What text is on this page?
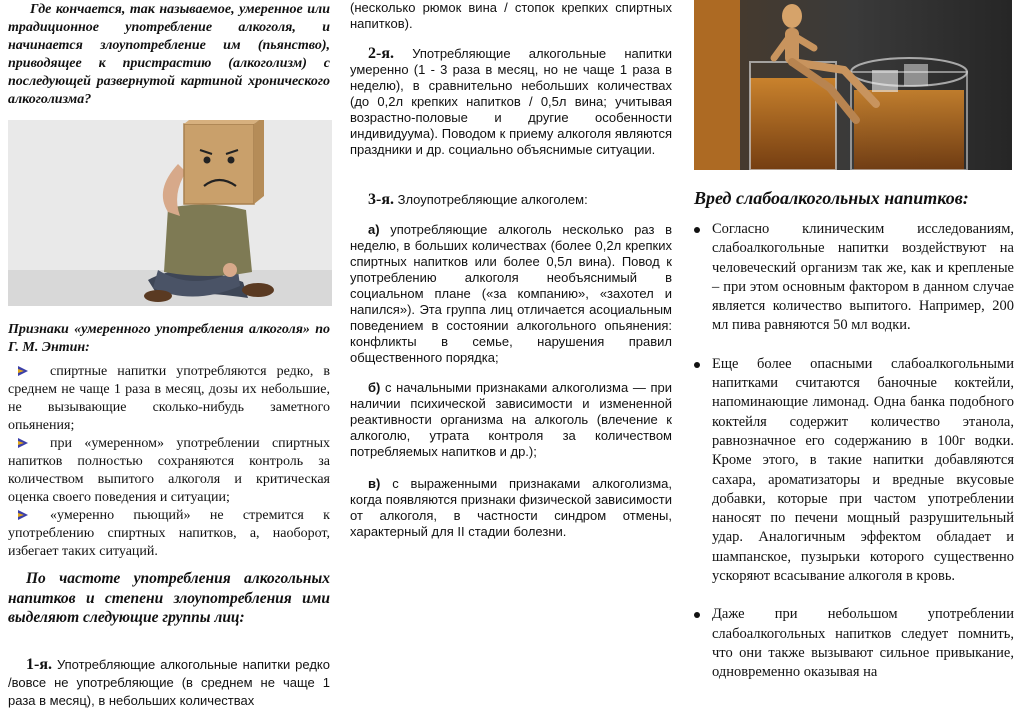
Где кончается, так называемое, умеренное или традиционное употребление алкоголя, и начинается злоупотребление им (пьянство), приводящее к пристрастию (алкоголизм) с последующей развернутой картиной хронического алкоголизма?

Признаки «умеренного употребления алкоголя» по Г. М. Энтин:

спиртные напитки употребляются редко, в среднем не чаще 1 раза в месяц, дозы их небольшие, не вызывающие сколько-нибудь заметного опьянения;

при «умеренном» употреблении спиртных напитков полностью сохраняются контроль за количеством выпитого алкоголя и критическая оценка своего поведения и ситуации;

«умеренно пьющий» не стремится к употреблению спиртных напитков, а, наоборот, избегает таких ситуаций.

По частоте употребления алкогольных напитков и степени злоупотребления ими выделяют следующие группы лиц:

1-я. Употребляющие алкогольные напитки редко /вовсе не употребляющие (в среднем не чаще 1 раза в месяц), в небольших количествах

(несколько рюмок вина / стопок крепких спиртных напитков).

2-я. Употребляющие алкогольные напитки умеренно (1 - 3 раза в месяц, но не чаще 1 раза в неделю), в сравнительно небольших количествах (до 0,2л крепких напитков / 0,5л вина; учитывая возрастно-половые и другие особенности индивидуума). Поводом к приему алкоголя являются праздники и др. социально объяснимые ситуации.

3-я. Злоупотребляющие алкоголем:

а) употребляющие алкоголь несколько раз в неделю, в больших количествах (более 0,2л крепких спиртных напитков или более 0,5л вина). Повод к употреблению алкоголя необъяснимый в социальном плане («за компанию», «захотел и напился»). Эта группа лиц отличается асоциальным поведением в состоянии алкогольного опьянения: конфликты в семье, нарушения правил общественного порядка;

б) с начальными признаками алкоголизма — при наличии психической зависимости и измененной реактивности организма на алкоголь (влечение к алкоголю, утрата контроля за количеством потребляемых напитков и др.);

в) с выраженными признаками алкоголизма, когда появляются признаки физической зависимости от алкоголя, в частности синдром отмены, характерный для II стадии болезни.

Вред слабоалкогольных напитков:

Согласно клиническим исследованиям, слабоалкогольные напитки воздействуют на человеческий организм так же, как и крепленые – при этом основным фактором в данном случае является количество выпитого. Например, 200 мл пива равняются 50 мл водки.

Еще более опасными слабоалкогольными напитками считаются баночные коктейли, напоминающие лимонад. Одна банка подобного коктейля содержит количество этанола, равнозначное его содержанию в 100г водки. Кроме этого, в такие напитки добавляются сахара, ароматизаторы и вредные вкусовые добавки, которые при частом употреблении наносят по печени мощный разрушительный удар. Аналогичным эффектом обладает и шампанское, пузырьки которого существенно ускоряют всасывание алкоголя в кровь.

Даже при небольшом употреблении слабоалкогольных напитков следует помнить, что они также вызывают сильное привыкание, одновременно оказывая на
